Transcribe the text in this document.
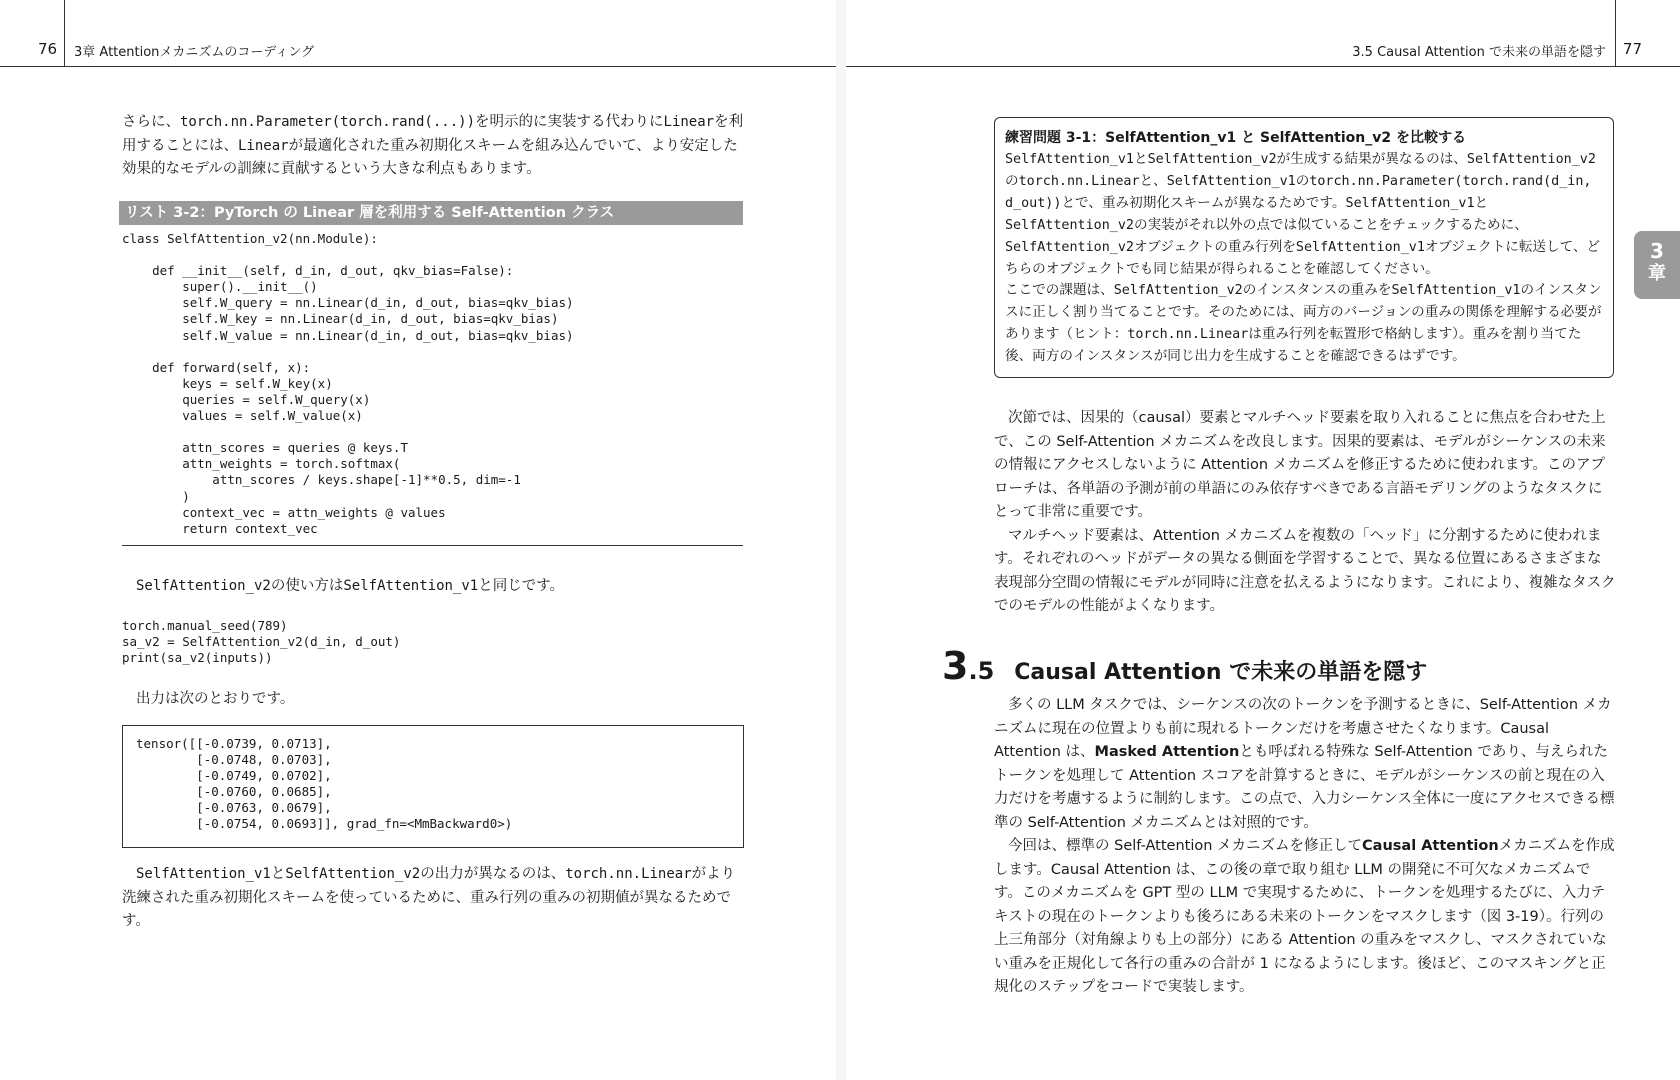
76 3章 Attentionメカニズムのコーディング

さらに、torch.nn.Parameter(torch.rand(...))を明示的に実装する代わりにLinearを利用することには、Linearが最適化された重み初期化スキームを組み込んでいて、より安定した効果的なモデルの訓練に貢献するという大きな利点もあります。

リスト 3-2：PyTorch の Linear 層を利用する Self-Attention クラス
class SelfAttention_v2(nn.Module):

def __init__(self, d_in, d_out, qkv_bias=False):
super().__init__()
self.W_query = nn.Linear(d_in, d_out, bias=qkv_bias)
self.W_key = nn.Linear(d_in, d_out, bias=qkv_bias)
self.W_value = nn.Linear(d_in, d_out, bias=qkv_bias)

def forward(self, x):
keys = self.W_key(x)
queries = self.W_query(x)
values = self.W_value(x)

attn_scores = queries @ keys.T
attn_weights = torch.softmax(
attn_scores / keys.shape[-1]**0.5, dim=-1
)
context_vec = attn_weights @ values
return context_vec

SelfAttention_v2の使い方はSelfAttention_v1と同じです。

torch.manual_seed(789)
sa_v2 = SelfAttention_v2(d_in, d_out)
print(sa_v2(inputs))

出力は次のとおりです。

tensor([[-0.0739, 0.0713],
[-0.0748, 0.0703],
[-0.0749, 0.0702],
[-0.0760, 0.0685],
[-0.0763, 0.0679],
[-0.0754, 0.0693]], grad_fn=<MmBackward0>)

SelfAttention_v1とSelfAttention_v2の出力が異なるのは、torch.nn.Linearがより洗練された重み初期化スキームを使っているために、重み行列の重みの初期値が異なるためです。

3.5 Causal Attention で未来の単語を隠す 77
3
章
練習問題 3-1：SelfAttention_v1 と SelfAttention_v2 を比較する

SelfAttention_v1とSelfAttention_v2が生成する結果が異なるのは、SelfAttention_v2のtorch.nn.Linearと、SelfAttention_v1のtorch.nn.Parameter(torch.rand(d_in, d_out))とで、重み初期化スキームが異なるためです。SelfAttention_v1とSelfAttention_v2の実装がそれ以外の点では似ていることをチェックするために、SelfAttention_v2オブジェクトの重み行列をSelfAttention_v1オブジェクトに転送して、どちらのオブジェクトでも同じ結果が得られることを確認してください。

ここでの課題は、SelfAttention_v2のインスタンスの重みをSelfAttention_v1のインスタンスに正しく割り当てることです。そのためには、両方のバージョンの重みの関係を理解する必要があります（ヒント：torch.nn.Linearは重み行列を転置形で格納します）。重みを割り当てた後、両方のインスタンスが同じ出力を生成することを確認できるはずです。

次節では、因果的（causal）要素とマルチヘッド要素を取り入れることに焦点を合わせた上で、この Self-Attention メカニズムを改良します。因果的要素は、モデルがシーケンスの未来の情報にアクセスしないように Attention メカニズムを修正するために使われます。このアプローチは、各単語の予測が前の単語にのみ依存すべきである言語モデリングのようなタスクにとって非常に重要です。

マルチヘッド要素は、Attention メカニズムを複数の「ヘッド」に分割するために使われます。それぞれのヘッドがデータの異なる側面を学習することで、異なる位置にあるさまざまな表現部分空間の情報にモデルが同時に注意を払えるようになります。これにより、複雑なタスクでのモデルの性能がよくなります。

3 .5 Causal Attention で未来の単語を隠す

多くの LLM タスクでは、シーケンスの次のトークンを予測するときに、Self-Attention メカニズムに現在の位置よりも前に現れるトークンだけを考慮させたくなります。Causal Attention は、Masked Attentionとも呼ばれる特殊な Self-Attention であり、与えられたトークンを処理して Attention スコアを計算するときに、モデルがシーケンスの前と現在の入力だけを考慮するように制約します。この点で、入力シーケンス全体に一度にアクセスできる標準の Self-Attention メカニズムとは対照的です。

今回は、標準の Self-Attention メカニズムを修正してCausal Attentionメカニズムを作成します。Causal Attention は、この後の章で取り組む LLM の開発に不可欠なメカニズムです。このメカニズムを GPT 型の LLM で実現するために、トークンを処理するたびに、入力テキストの現在のトークンよりも後ろにある未来のトークンをマスクします（図 3-19）。行列の上三角部分（対角線よりも上の部分）にある Attention の重みをマスクし、マスクされていない重みを正規化して各行の重みの合計が 1 になるようにします。後ほど、このマスキングと正規化のステップをコードで実装します。
